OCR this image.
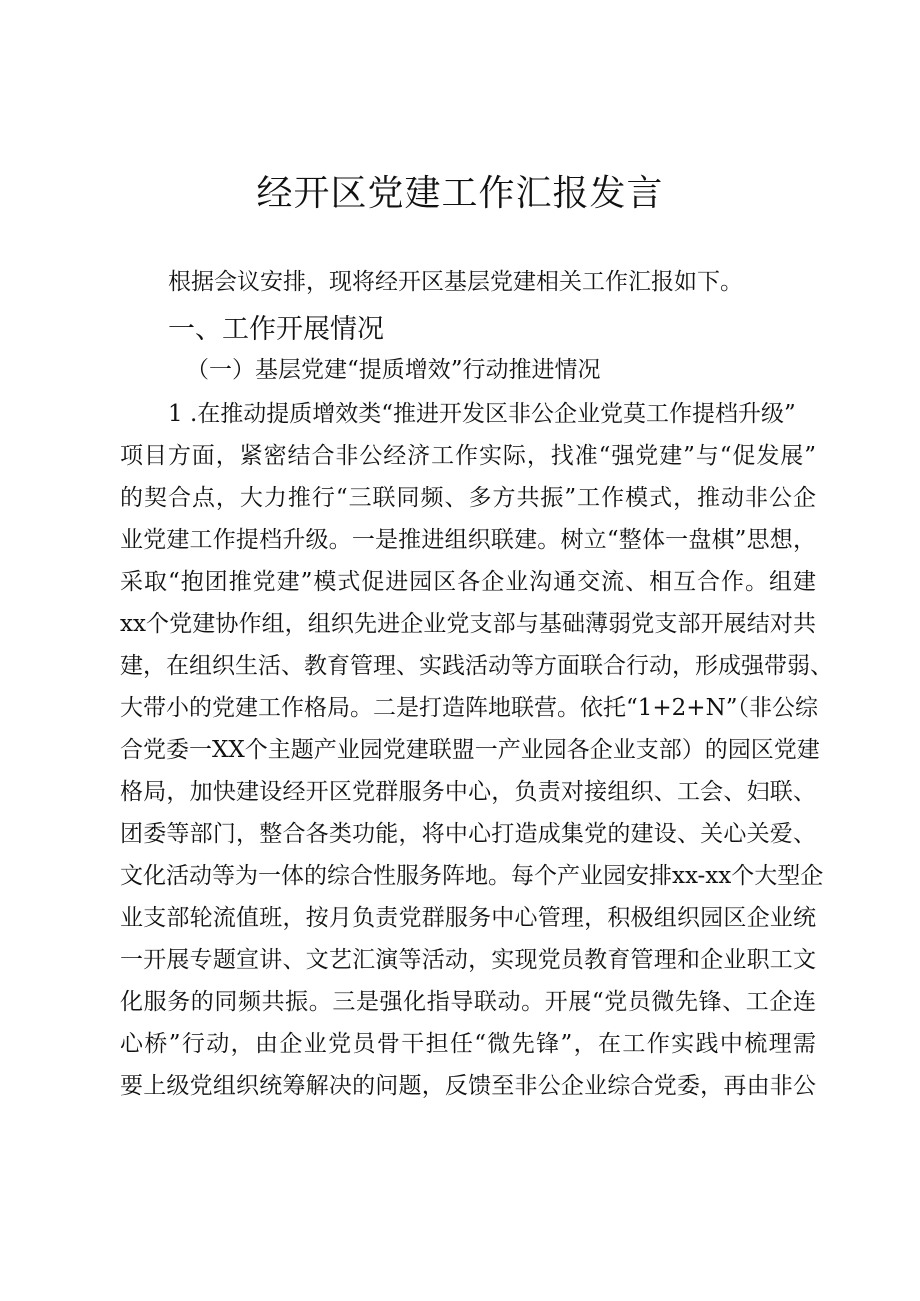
经开区党建工作汇报发言
根据会议安排，现将经开区基层党建相关工作汇报如下。
一、工作开展情况
（一）基层党建“提质增效”行动推进情况
1 .在推动提质增效类“推进开发区非公企业党莫工作提档升级”
项目方面，紧密结合非公经济工作实际，找准“强党建”与“促发展”
的契合点，大力推行“三联同频、多方共振”工作模式，推动非公企
业党建工作提档升级。一是推进组织联建。树立“整体一盘棋”思想，
采取“抱团推党建”模式促进园区各企业沟通交流、相互合作。组建
xx个党建协作组，组织先进企业党支部与基础薄弱党支部开展结对共
建，在组织生活、教育管理、实践活动等方面联合行动，形成强带弱、
大带小的党建工作格局。二是打造阵地联营。依托“1+2+N”（非公综
合党委一XX个主题产业园党建联盟一产业园各企业支部）的园区党建
格局，加快建设经开区党群服务中心，负责对接组织、工会、妇联、
团委等部门，整合各类功能，将中心打造成集党的建设、关心关爱、
文化活动等为一体的综合性服务阵地。每个产业园安排xx-xx个大型企
业支部轮流值班，按月负责党群服务中心管理，积极组织园区企业统
一开展专题宣讲、文艺汇演等活动，实现党员教育管理和企业职工文
化服务的同频共振。三是强化指导联动。开展“党员微先锋、工企连
心桥”行动，由企业党员骨干担任“微先锋”，在工作实践中梳理需
要上级党组织统筹解决的问题，反馈至非公企业综合党委，再由非公
